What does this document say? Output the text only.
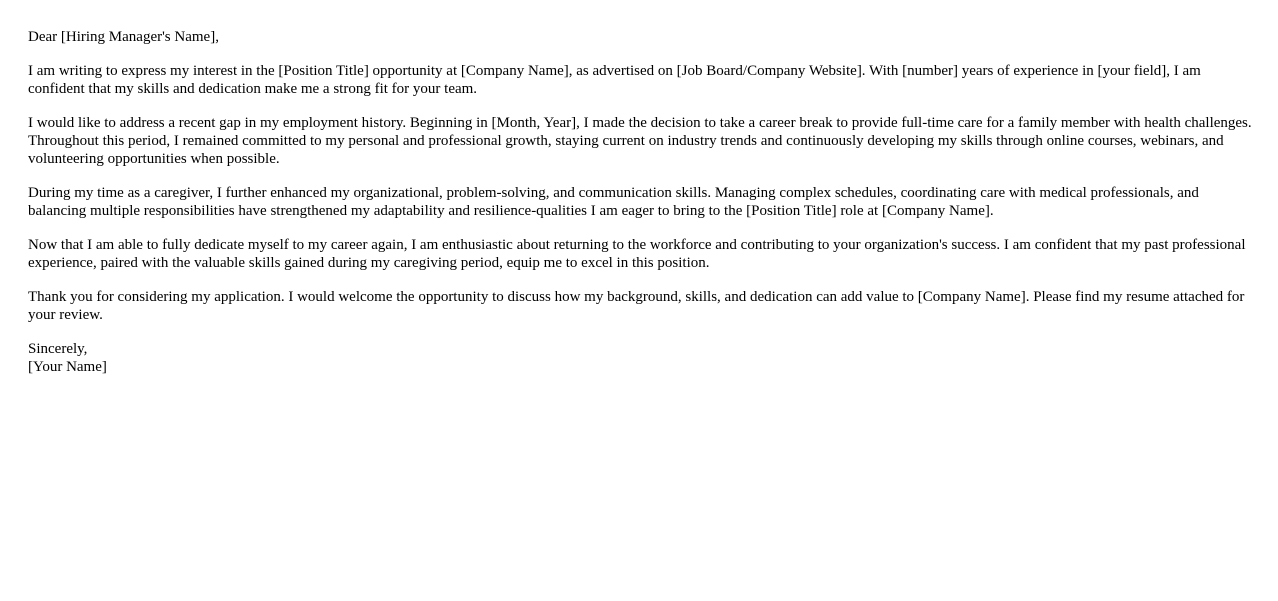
Dear [Hiring Manager's Name],

I am writing to express my interest in the [Position Title] opportunity at [Company Name], as advertised on [Job Board/Company Website]. With [number] years of experience in [your field], I am confident that my skills and dedication make me a strong fit for your team.

I would like to address a recent gap in my employment history. Beginning in [Month, Year], I made the decision to take a career break to provide full-time care for a family member with health challenges. Throughout this period, I remained committed to my personal and professional growth, staying current on industry trends and continuously developing my skills through online courses, webinars, and volunteering opportunities when possible.

During my time as a caregiver, I further enhanced my organizational, problem-solving, and communication skills. Managing complex schedules, coordinating care with medical professionals, and balancing multiple responsibilities have strengthened my adaptability and resilience-qualities I am eager to bring to the [Position Title] role at [Company Name].

Now that I am able to fully dedicate myself to my career again, I am enthusiastic about returning to the workforce and contributing to your organization's success. I am confident that my past professional experience, paired with the valuable skills gained during my caregiving period, equip me to excel in this position.

Thank you for considering my application. I would welcome the opportunity to discuss how my background, skills, and dedication can add value to [Company Name]. Please find my resume attached for your review.

Sincerely,
[Your Name]
